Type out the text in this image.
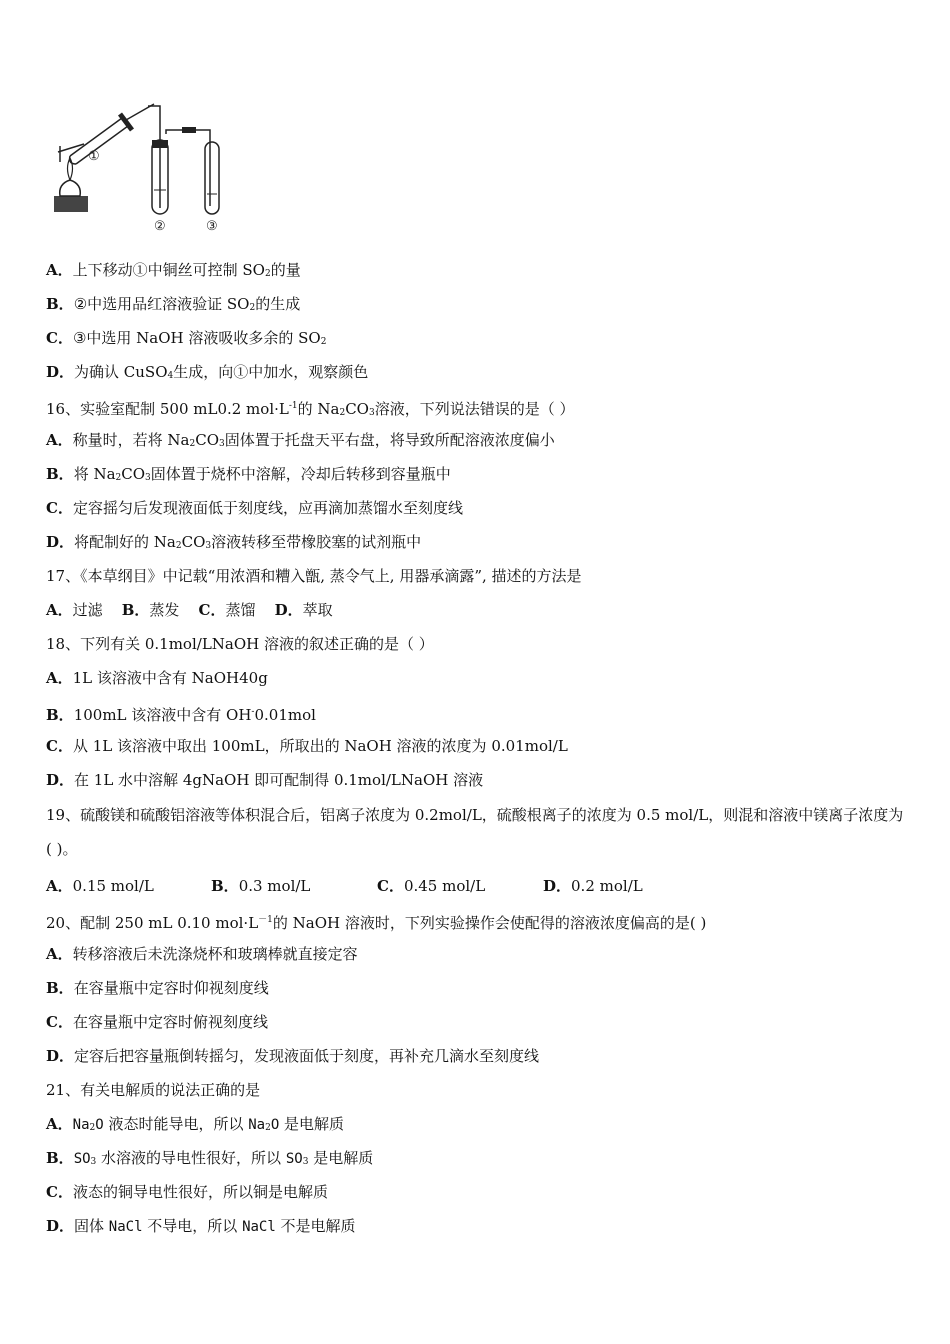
①
②	③
A．上下移动①中铜丝可控制 SO2的量
B．②中选用品红溶液验证 SO2的生成
C．③中选用 NaOH 溶液吸收多余的 SO2
D．为确认 CuSO4生成，向①中加水，观察颜色
16、实验室配制 500 mL0.2 $mol\cdot L^{-1}$的 Na2CO3溶液，下列说法错误的是（ ）
A．称量时，若将 Na2CO3固体置于托盘天平右盘，将导致所配溶液浓度偏小
B．将 Na2CO3固体置于烧杯中溶解，冷却后转移到容量瓶中
C．定容摇匀后发现液面低于刻度线，应再滴加蒸馏水至刻度线
D．将配制好的 Na2CO3溶液转移至带橡胶塞的试剂瓶中
17、《本草纲目》中记载“用浓酒和糟入甑, 蒸令气上, 用器承滴露”, 描述的方法是
A．过滤 B．蒸发 C．蒸馏 D．萃取
18、下列有关 0.1mol/LNaOH 溶液的叙述正确的是（ ）
A．1L 该溶液中含有 NaOH40g
B．100mL 该溶液中含有 OH-0.01mol
C．从 1L 该溶液中取出 100mL，所取出的 NaOH 溶液的浓度为 0.01mol/L
D．在 1L 水中溶解 4gNaOH 即可配制得 0.1mol/LNaOH 溶液
19、硫酸镁和硫酸铝溶液等体积混合后，铝离子浓度为 0.2mol/L，硫酸根离子的浓度为 0.5 mol/L，则混和溶液中镁离子浓度为( )。
A．0.15 mol/L	B．0.3 mol/L	C．0.45 mol/L	D．0.2 mol/L
20、配制 250 mL 0.10 $mol\cdot L^{-1}$的 NaOH 溶液时，下列实验操作会使配得的溶液浓度偏高的是( )
A．转移溶液后未洗涤烧杯和玻璃棒就直接定容
B．在容量瓶中定容时仰视刻度线
C．在容量瓶中定容时俯视刻度线
D．定容后把容量瓶倒转摇匀，发现液面低于刻度，再补充几滴水至刻度线
21、有关电解质的说法正确的是
A．Na2O 液态时能导电，所以 Na2O 是电解质
B．SO3 水溶液的导电性很好，所以 SO3 是电解质
C．液态的铜导电性很好，所以铜是电解质
D．固体 NaCl 不导电，所以 NaCl 不是电解质
